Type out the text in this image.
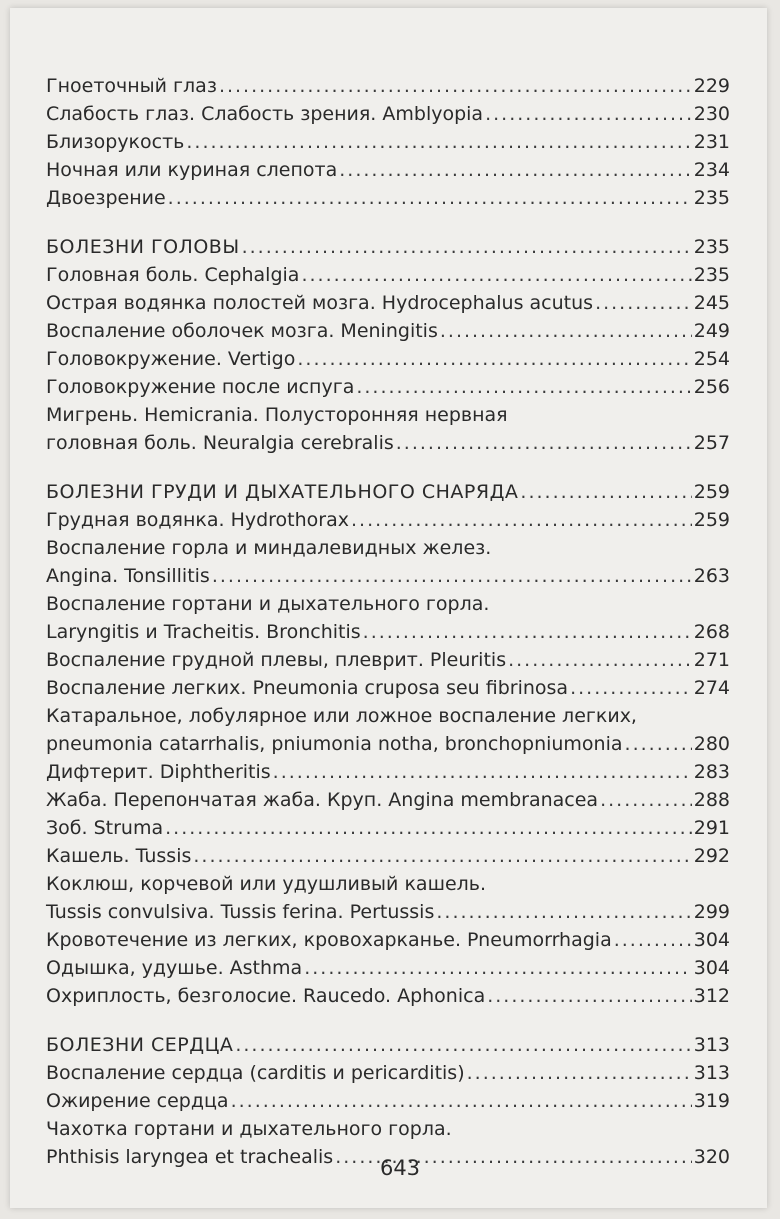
Гноеточный глаз .....	229
Слабость глаз. Слабость зрения. Amblyopia .....	230
Близорукость .....	231
Ночная или куриная слепота .....	234
Двоезрение .....	235
БОЛЕЗНИ ГОЛОВЫ .....	235
Головная боль. Cephalgia .....	235
Острая водянка полостей мозга. Hydrocephalus acutus .....	245
Воспаление оболочек мозга. Meningitis .....	249
Головокружение. Vertigo .....	254
Головокружение после испуга .....	256
Мигрень. Hemicrania. Полусторонняя нервная
головная боль. Neuralgia cerebralis .....	257
БОЛЕЗНИ ГРУДИ И ДЫХАТЕЛЬНОГО СНАРЯДА .....	259
Грудная водянка. Hydrothorax .....	259
Воспаление горла и миндалевидных желез.
Angina. Tonsillitis .....	263
Воспаление гортани и дыхательного горла.
Laryngitis и Tracheitis. Bronchitis .....	268
Воспаление грудной плевы, плеврит. Pleuritis .....	271
Воспаление легких. Pneumonia cruposa seu fibrinosa .....	274
Катаральное, лобулярное или ложное воспаление легких,
pneumonia catarrhalis, pniumonia notha, bronchopniumonia .....	280
Дифтерит. Diphtheritis .....	283
Жаба. Перепончатая жаба. Круп. Angina membranacea .....	288
Зоб. Struma .....	291
Кашель. Tussis .....	292
Коклюш, корчевой или удушливый кашель.
Tussis convulsiva. Tussis ferina. Pertussis .....	299
Кровотечение из легких, кровохарканье. Pneumorrhagia .....	304
Одышка, удушье. Asthma .....	304
Охриплость, безголосие. Raucedo. Aphonica .....	312
БОЛЕЗНИ СЕРДЦА .....	313
Воспаление сердца (carditis и pericarditis) .....	313
Ожирение сердца .....	319
Чахотка гортани и дыхательного горла.
Phthisis laryngea et trachealis .....	320
643
